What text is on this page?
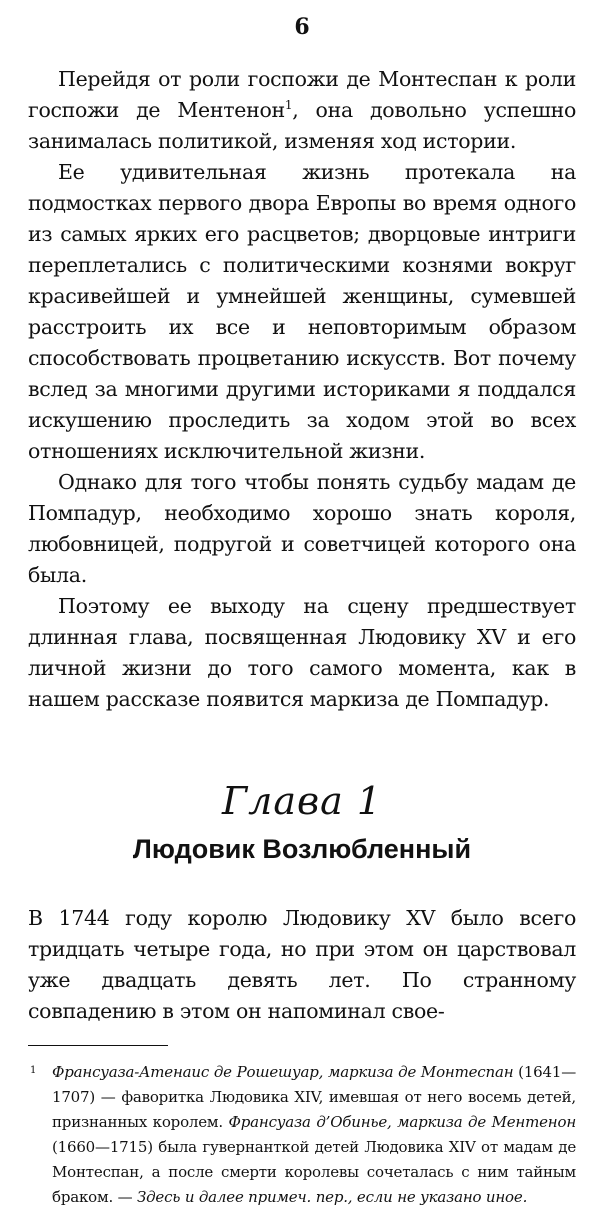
6

Перейдя от роли госпожи де Монтеспан к роли госпожи де Ментенон$^1$, она довольно успешно занималась политикой, изменяя ход истории.

Ее удивительная жизнь протекала на подмостках первого двора Европы во время одного из самых ярких его расцветов; дворцовые интриги переплетались с политическими кознями вокруг красивейшей и умнейшей женщины, сумевшей расстроить их все и неповторимым образом способствовать процветанию искусств. Вот почему вслед за многими другими историками я поддался искушению проследить за ходом этой во всех отношениях исключительной жизни.

Однако для того чтобы понять судьбу мадам де Помпадур, необходимо хорошо знать короля, любовницей, подругой и советчицей которого она была.

Поэтому ее выходу на сцену предшествует длинная глава, посвященная Людовику XV и его личной жизни до того самого момента, как в нашем рассказе появится маркиза де Помпадур.

Глава 1
Людовик Возлюбленный

В 1744 году королю Людовику XV было всего тридцать четыре года, но при этом он царствовал уже двадцать девять лет. По странному совпадению в этом он напоминал свое-

1 Франсуаза-Атенаис де Рошешуар, маркиза де Монтеспан (1641—1707) — фаворитка Людовика XIV, имевшая от него восемь детей, признанных королем. Франсуаза д’Обинье, маркиза де Ментенон (1660—1715) была гувернанткой детей Людовика XIV от мадам де Монтеспан, а после смерти королевы сочеталась с ним тайным браком. — Здесь и далее примеч. пер., если не указано иное.
